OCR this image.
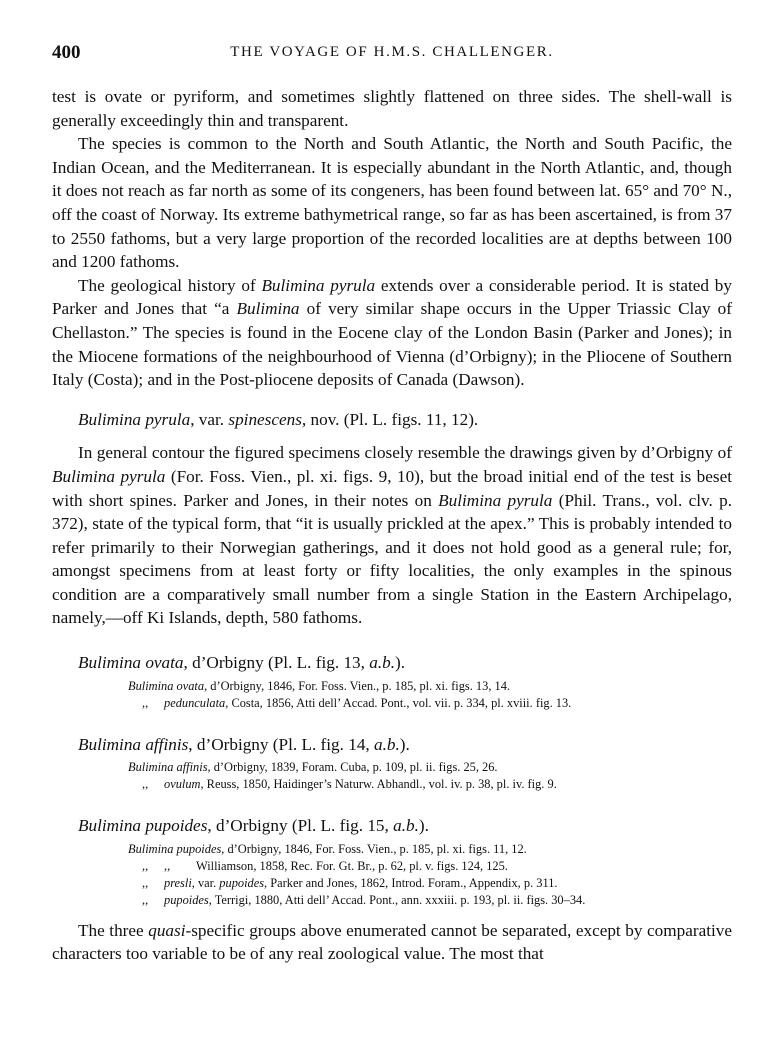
400	THE VOYAGE OF H.M.S. CHALLENGER.

test is ovate or pyriform, and sometimes slightly flattened on three sides. The shell-wall is generally exceedingly thin and transparent.

The species is common to the North and South Atlantic, the North and South Pacific, the Indian Ocean, and the Mediterranean. It is especially abundant in the North Atlantic, and, though it does not reach as far north as some of its congeners, has been found between lat. 65° and 70° N., off the coast of Norway. Its extreme bathymetrical range, so far as has been ascertained, is from 37 to 2550 fathoms, but a very large proportion of the recorded localities are at depths between 100 and 1200 fathoms.

The geological history of Bulimina pyrula extends over a considerable period. It is stated by Parker and Jones that “a Bulimina of very similar shape occurs in the Upper Triassic Clay of Chellaston.” The species is found in the Eocene clay of the London Basin (Parker and Jones); in the Miocene formations of the neighbourhood of Vienna (d’Orbigny); in the Pliocene of Southern Italy (Costa); and in the Post-pliocene deposits of Canada (Dawson).

Bulimina pyrula, var. spinescens, nov. (Pl. L. figs. 11, 12).

In general contour the figured specimens closely resemble the drawings given by d’Orbigny of Bulimina pyrula (For. Foss. Vien., pl. xi. figs. 9, 10), but the broad initial end of the test is beset with short spines. Parker and Jones, in their notes on Bulimina pyrula (Phil. Trans., vol. clv. p. 372), state of the typical form, that “it is usually prickled at the apex.” This is probably intended to refer primarily to their Norwegian gatherings, and it does not hold good as a general rule; for, amongst specimens from at least forty or fifty localities, the only examples in the spinous condition are a comparatively small number from a single Station in the Eastern Archipelago, namely,—off Ki Islands, depth, 580 fathoms.

Bulimina ovata, d’Orbigny (Pl. L. fig. 13, a.b.).
Bulimina ovata, d’Orbigny, 1846, For. Foss. Vien., p. 185, pl. xi. figs. 13, 14.
,, pedunculata, Costa, 1856, Atti dell’ Accad. Pont., vol. vii. p. 334, pl. xviii. fig. 13.
Bulimina affinis, d’Orbigny (Pl. L. fig. 14, a.b.).
Bulimina affinis, d’Orbigny, 1839, Foram. Cuba, p. 109, pl. ii. figs. 25, 26.
,, ovulum, Reuss, 1850, Haidinger’s Naturw. Abhandl., vol. iv. p. 38, pl. iv. fig. 9.
Bulimina pupoides, d’Orbigny (Pl. L. fig. 15, a.b.).
Bulimina pupoides, d’Orbigny, 1846, For. Foss. Vien., p. 185, pl. xi. figs. 11, 12.
,, ,, Williamson, 1858, Rec. For. Gt. Br., p. 62, pl. v. figs. 124, 125.
,, presli, var. pupoides, Parker and Jones, 1862, Introd. Foram., Appendix, p. 311.
,, pupoides, Terrigi, 1880, Atti dell’ Accad. Pont., ann. xxxiii. p. 193, pl. ii. figs. 30–34.

The three quasi-specific groups above enumerated cannot be separated, except by comparative characters too variable to be of any real zoological value. The most that
